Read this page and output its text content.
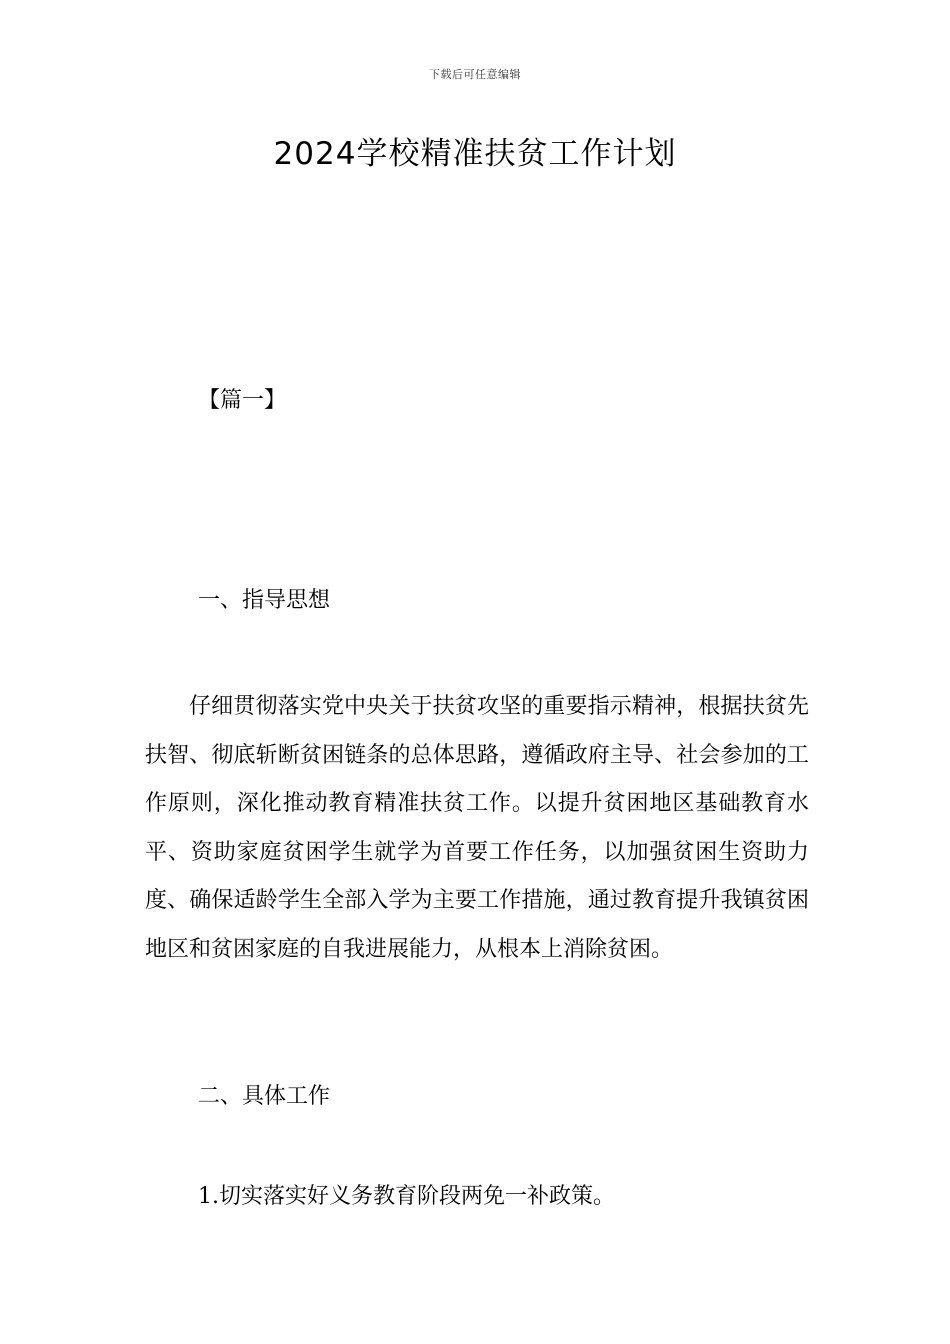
下载后可任意编辑
2024学校精准扶贫工作计划
【篇一】
一、指导思想

仔细贯彻落实党中央关于扶贫攻坚的重要指示精神，根据扶贫先扶智、彻底斩断贫困链条的总体思路，遵循政府主导、社会参加的工作原则，深化推动教育精准扶贫工作。以提升贫困地区基础教育水平、资助家庭贫困学生就学为首要工作任务，以加强贫困生资助力度、确保适龄学生全部入学为主要工作措施，通过教育提升我镇贫困地区和贫困家庭的自我进展能力，从根本上消除贫困。

二、具体工作

1.切实落实好义务教育阶段两免一补政策。
